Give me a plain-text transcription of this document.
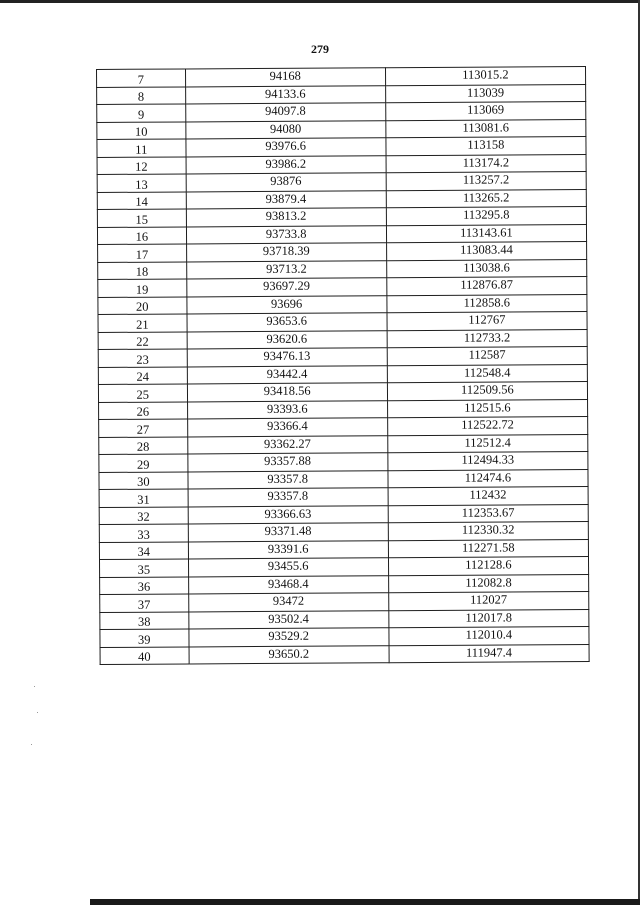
279
7	94168	113015.2
8	94133.6	113039
9	94097.8	113069
10	94080	113081.6
11	93976.6	113158
12	93986.2	113174.2
13	93876	113257.2
14	93879.4	113265.2
15	93813.2	113295.8
16	93733.8	113143.61
17	93718.39	113083.44
18	93713.2	113038.6
19	93697.29	112876.87
20	93696	112858.6
21	93653.6	112767
22	93620.6	112733.2
23	93476.13	112587
24	93442.4	112548.4
25	93418.56	112509.56
26	93393.6	112515.6
27	93366.4	112522.72
28	93362.27	112512.4
29	93357.88	112494.33
30	93357.8	112474.6
31	93357.8	112432
32	93366.63	112353.67
33	93371.48	112330.32
34	93391.6	112271.58
35	93455.6	112128.6
36	93468.4	112082.8
37	93472	112027
38	93502.4	112017.8
39	93529.2	112010.4
40	93650.2	111947.4
